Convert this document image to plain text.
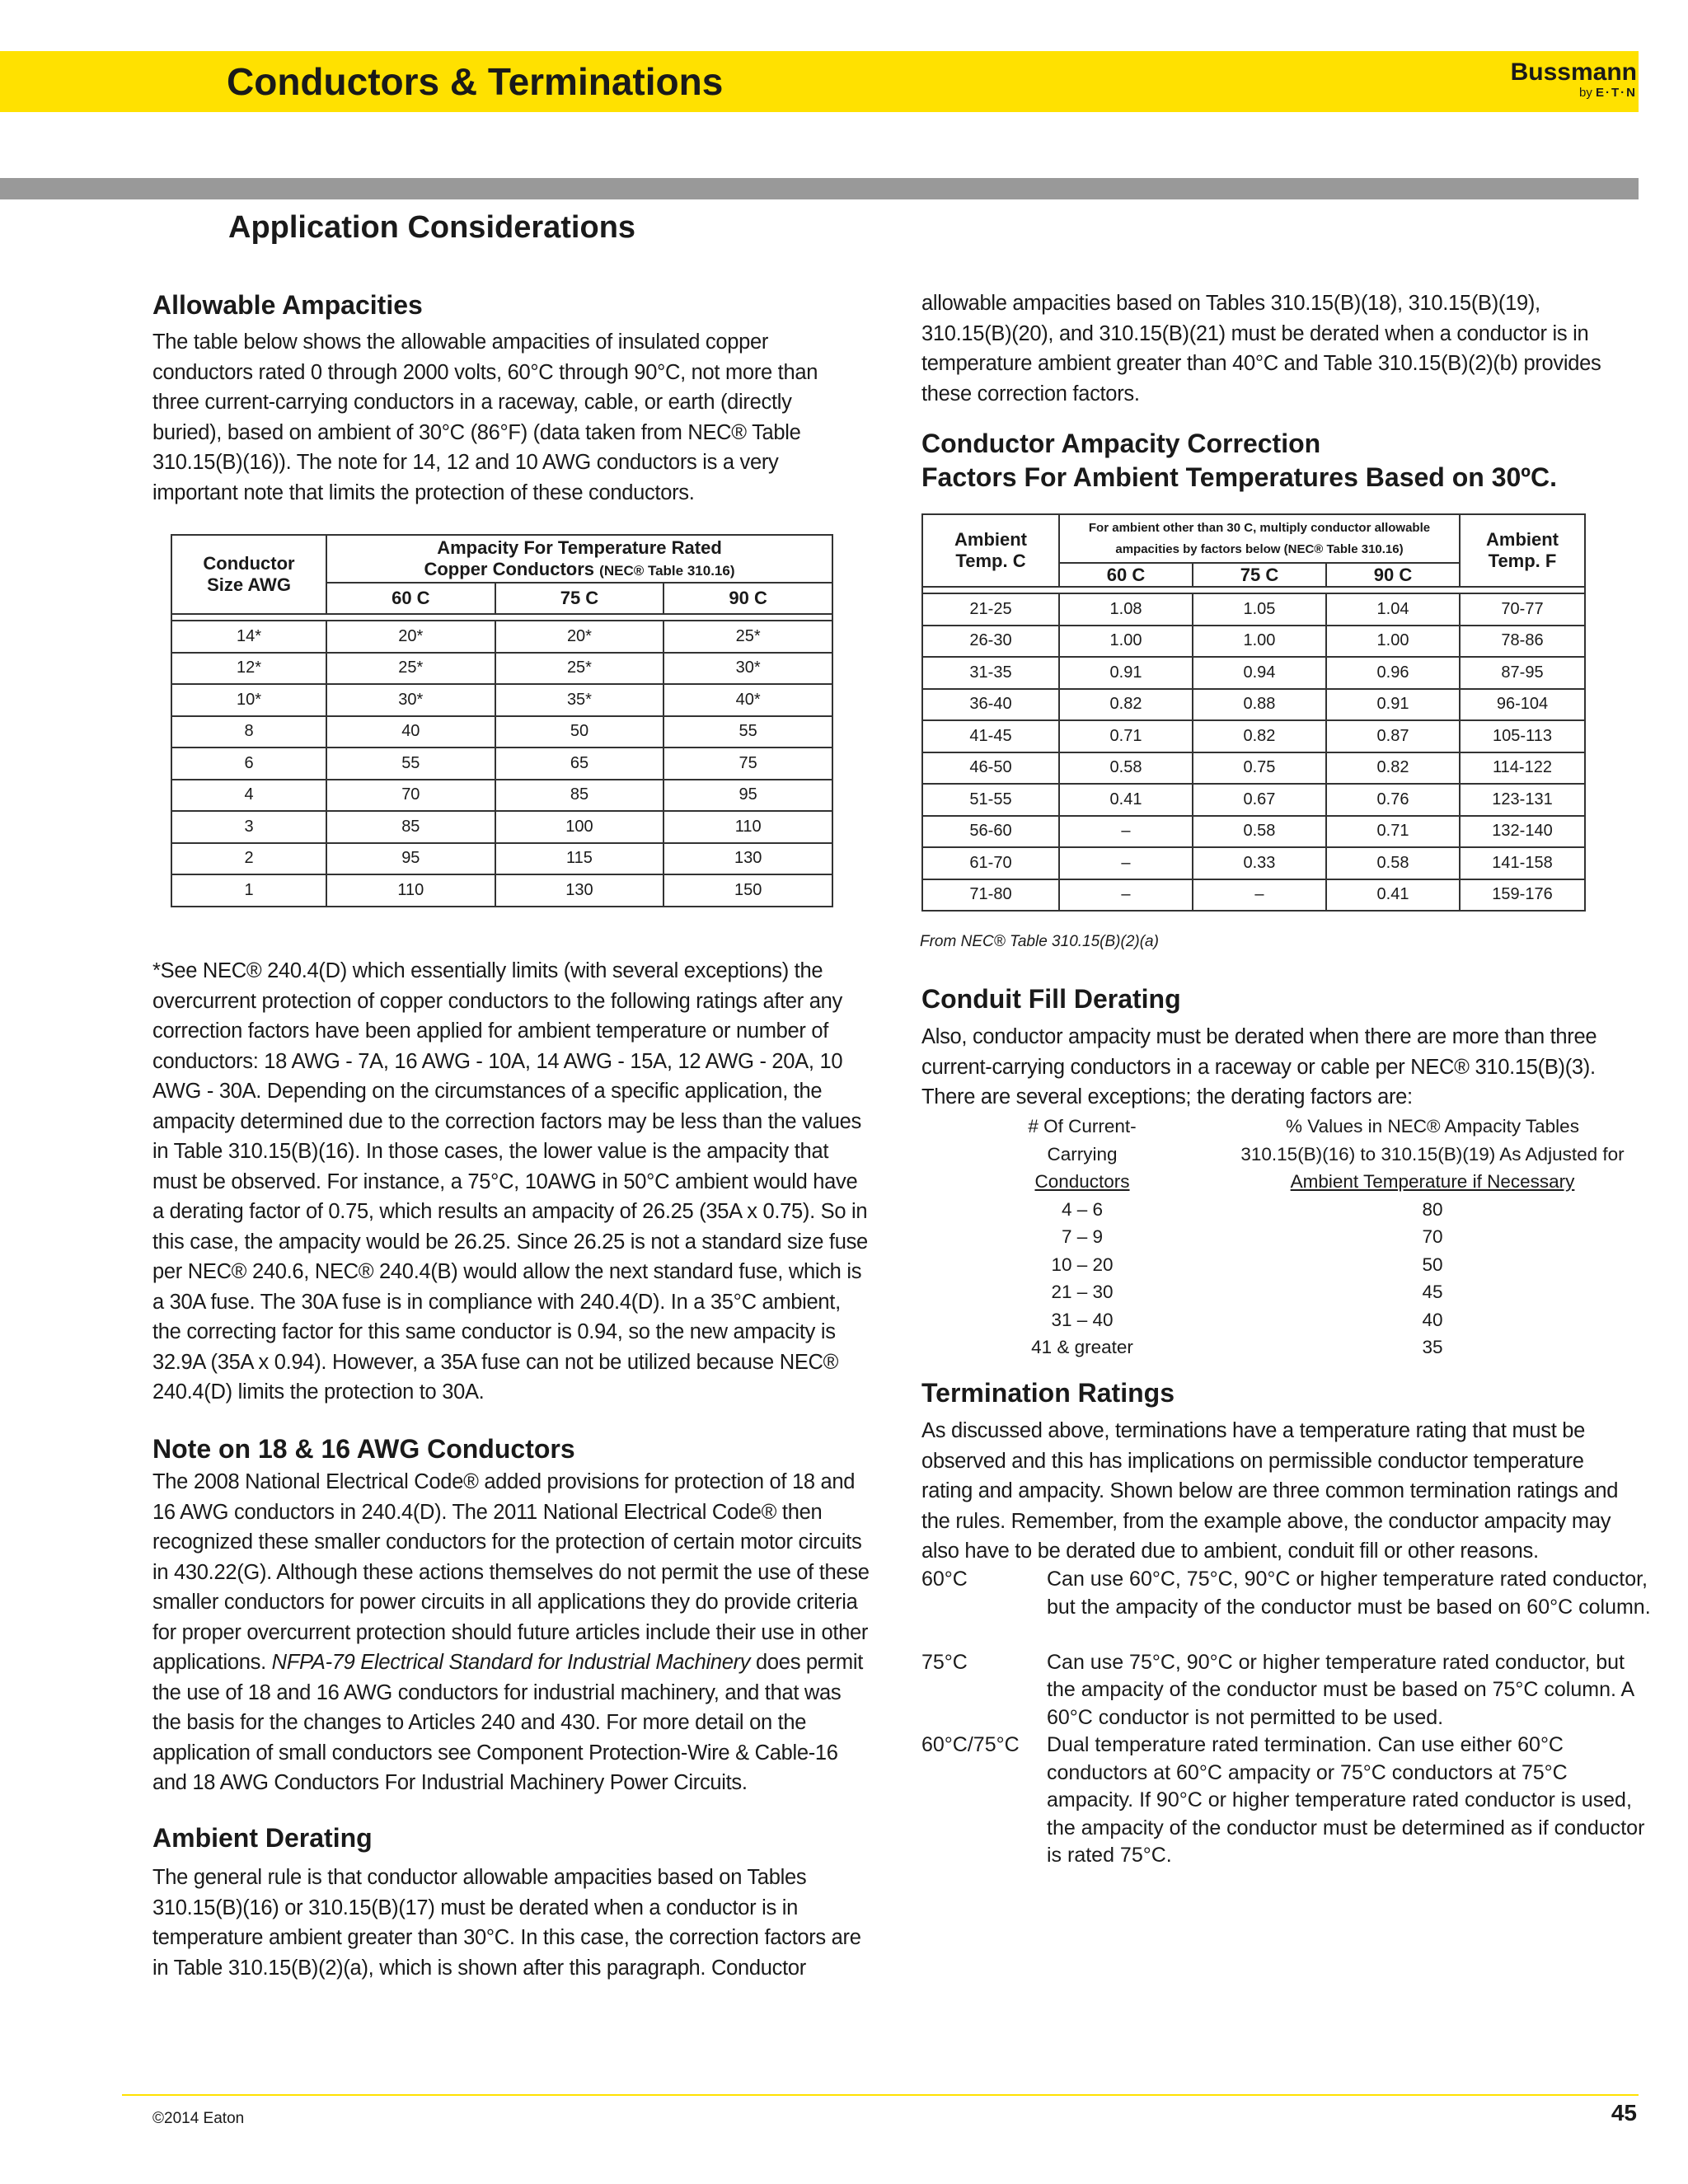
Conductors & Terminations	Bussmann
by E·T·N
Application Considerations
Allowable Ampacities
The table below shows the allowable ampacities of insulated copper conductors rated 0 through 2000 volts, 60°C through 90°C, not more than three current-carrying conductors in a raceway, cable, or earth (directly buried), based on ambient of 30°C (86°F) (data taken from NEC® Table 310.15(B)(16)). The note for 14, 12 and 10 AWG conductors is a very important note that limits the protection of these conductors.
Conductor Size AWG	Ampacity For Temperature Rated
Copper Conductors (NEC® Table 310.16)		

	60 C	75 C	90 C

14*	20*	20*	25*
12*	25*	25*	30*
10*	30*	35*	40*
8	40	50	55
6	55	65	75
4	70	85	95
3	85	100	110
2	95	115	130
1	110	130	150
*See NEC® 240.4(D) which essentially limits (with several exceptions) the overcurrent protection of copper conductors to the following ratings after any correction factors have been applied for ambient temperature or number of conductors: 18 AWG - 7A, 16 AWG - 10A, 14 AWG - 15A, 12 AWG - 20A, 10 AWG - 30A. Depending on the circumstances of a specific application, the ampacity determined due to the correction factors may be less than the values in Table 310.15(B)(16). In those cases, the lower value is the ampacity that must be observed. For instance, a 75°C, 10AWG in 50°C ambient would have a derating factor of 0.75, which results an ampacity of 26.25 (35A x 0.75). So in this case, the ampacity would be 26.25. Since 26.25 is not a standard size fuse per NEC® 240.6, NEC® 240.4(B) would allow the next standard fuse, which is a 30A fuse. The 30A fuse is in compliance with 240.4(D). In a 35°C ambient, the correcting factor for this same conductor is 0.94, so the new ampacity is 32.9A (35A x 0.94). However, a 35A fuse can not be utilized because NEC® 240.4(D) limits the protection to 30A.
Note on 18 & 16 AWG Conductors
The 2008 National Electrical Code® added provisions for protection of 18 and 16 AWG conductors in 240.4(D). The 2011 National Electrical Code® then recognized these smaller conductors for the protection of certain motor circuits in 430.22(G). Although these actions themselves do not permit the use of these smaller conductors for power circuits in all applications they do provide criteria for proper overcurrent protection should future articles include their use in other applications. NFPA-79 Electrical Standard for Industrial Machinery does permit the use of 18 and 16 AWG conductors for industrial machinery, and that was the basis for the changes to Articles 240 and 430. For more detail on the application of small conductors see Component Protection-Wire & Cable-16 and 18 AWG Conductors For Industrial Machinery Power Circuits.
Ambient Derating
The general rule is that conductor allowable ampacities based on Tables 310.15(B)(16) or 310.15(B)(17) must be derated when a conductor is in temperature ambient greater than 30°C. In this case, the correction factors are in Table 310.15(B)(2)(a), which is shown after this paragraph. Conductor
allowable ampacities based on Tables 310.15(B)(18), 310.15(B)(19), 310.15(B)(20), and 310.15(B)(21) must be derated when a conductor is in temperature ambient greater than 40°C and Table 310.15(B)(2)(b) provides these correction factors.
Conductor Ampacity Correction
Factors For Ambient Temperatures Based on 30ºC.
Ambient Temp. C	For ambient other than 30 C, multiply conductor allowable
ampacities by factors below (NEC® Table 310.16)			Ambient Temp. F
	60 C	75 C	90 C	

21-25	1.08	1.05	1.04	70-77
26-30	1.00	1.00	1.00	78-86
31-35	0.91	0.94	0.96	87-95
36-40	0.82	0.88	0.91	96-104
41-45	0.71	0.82	0.87	105-113
46-50	0.58	0.75	0.82	114-122
51-55	0.41	0.67	0.76	123-131
56-60	–	0.58	0.71	132-140
61-70	–	0.33	0.58	141-158
71-80	–	–	0.41	159-176
From NEC® Table 310.15(B)(2)(a)
Conduit Fill Derating
Also, conductor ampacity must be derated when there are more than three current-carrying conductors in a raceway or cable per NEC® 310.15(B)(3). There are several exceptions; the derating factors are:
# Of Current-
Carrying
Conductors
% Values in NEC® Ampacity Tables
310.15(B)(16) to 310.15(B)(19) As Adjusted for
Ambient Temperature if Necessary
4 – 6	80
7 – 9	70
10 – 20	50
21 – 30	45
31 – 40	40
41 & greater	35
Termination Ratings
As discussed above, terminations have a temperature rating that must be observed and this has implications on permissible conductor temperature rating and ampacity. Shown below are three common termination ratings and the rules. Remember, from the example above, the conductor ampacity may also have to be derated due to ambient, conduit fill or other reasons.
60°C	Can use 60°C, 75°C, 90°C or higher temperature rated conductor, but the ampacity of the conductor must be based on 60°C column.
75°C	Can use 75°C, 90°C or higher temperature rated conductor, but the ampacity of the conductor must be based on 75°C column. A 60°C conductor is not permitted to be used.
60°C/75°C Dual temperature rated termination. Can use either 60°C conductors at 60°C ampacity or 75°C conductors at 75°C ampacity. If 90°C or higher temperature rated conductor is used, the ampacity of the conductor must be determined as if conductor is rated 75°C.
©2014 Eaton	45
